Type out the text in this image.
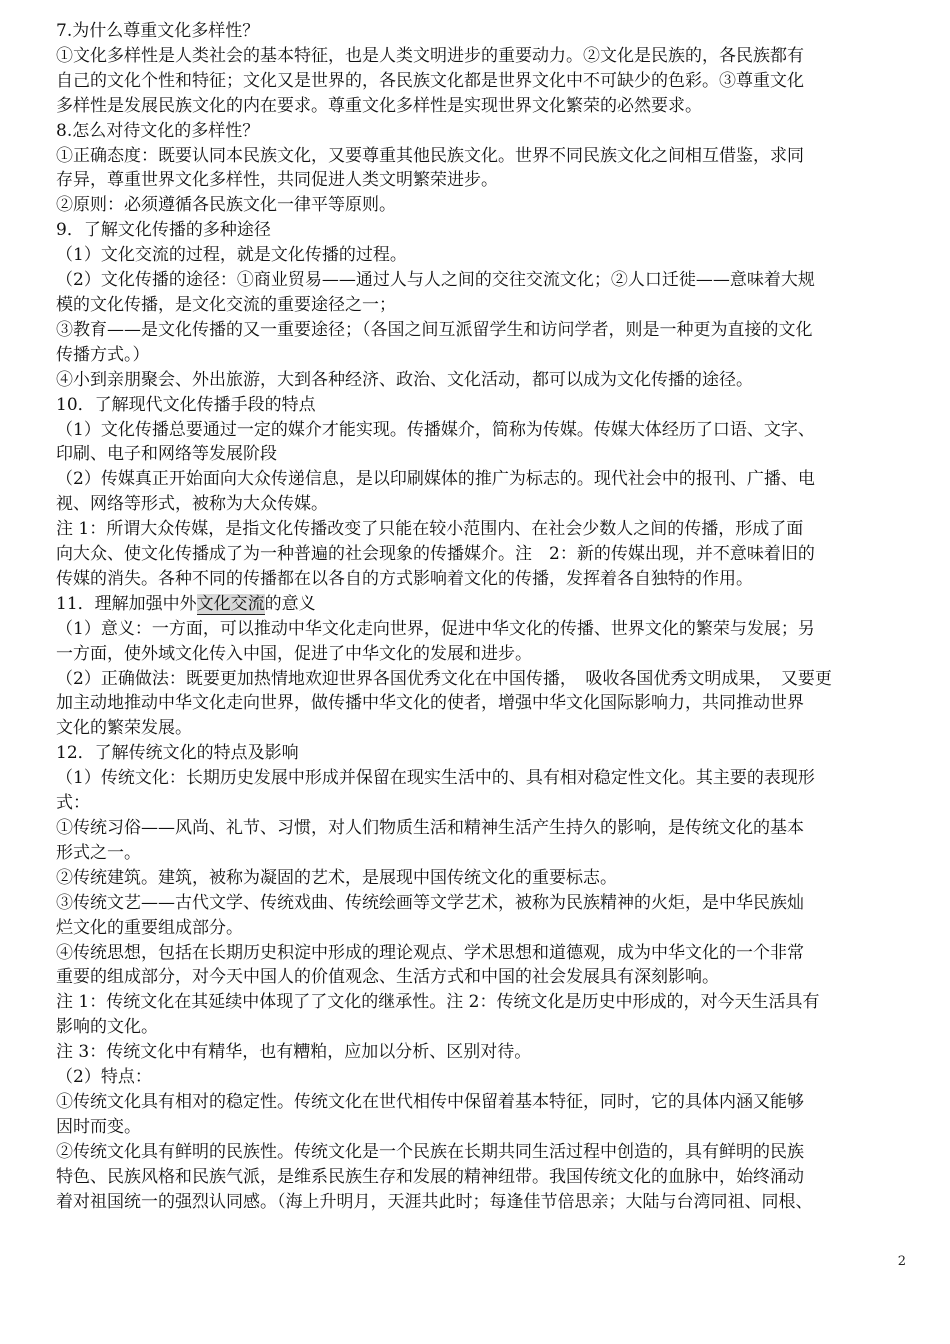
7.为什么尊重文化多样性？
①文化多样性是人类社会的基本特征，也是人类文明进步的重要动力。②文化是民族的，各民族都有
自己的文化个性和特征；文化又是世界的，各民族文化都是世界文化中不可缺少的色彩。③尊重文化
多样性是发展民族文化的内在要求。尊重文化多样性是实现世界文化繁荣的必然要求。
8.怎么对待文化的多样性？
①正确态度：既要认同本民族文化，又要尊重其他民族文化。世界不同民族文化之间相互借鉴，求同
存异，尊重世界文化多样性，共同促进人类文明繁荣进步。
②原则：必须遵循各民族文化一律平等原则。
9．了解文化传播的多种途径
（1）文化交流的过程，就是文化传播的过程。
（2）文化传播的途径：①商业贸易——通过人与人之间的交往交流文化；②人口迁徙——意味着大规
模的文化传播，是文化交流的重要途径之一；
③教育——是文化传播的又一重要途径；（各国之间互派留学生和访问学者，则是一种更为直接的文化
传播方式。）
④小到亲朋聚会、外出旅游，大到各种经济、政治、文化活动，都可以成为文化传播的途径。
10．了解现代文化传播手段的特点
（1）文化传播总要通过一定的媒介才能实现。传播媒介，简称为传媒。传媒大体经历了口语、文字、
印刷、电子和网络等发展阶段
（2）传媒真正开始面向大众传递信息，是以印刷媒体的推广为标志的。现代社会中的报刊、广播、电
视、网络等形式，被称为大众传媒。
注 1：所谓大众传媒，是指文化传播改变了只能在较小范围内、在社会少数人之间的传播，形成了面
向大众、使文化传播成了为一种普遍的社会现象的传播媒介。注　2：新的传媒出现，并不意味着旧的
传媒的消失。各种不同的传播都在以各自的方式影响着文化的传播，发挥着各自独特的作用。
11．理解加强中外文化交流的意义
（1）意义：一方面，可以推动中华文化走向世界，促进中华文化的传播、世界文化的繁荣与发展；另
一方面，使外域文化传入中国，促进了中华文化的发展和进步。
（2）正确做法：既要更加热情地欢迎世界各国优秀文化在中国传播，　吸收各国优秀文明成果，　又要更
加主动地推动中华文化走向世界，做传播中华文化的使者，增强中华文化国际影响力，共同推动世界
文化的繁荣发展。
12．了解传统文化的特点及影响
（1）传统文化：长期历史发展中形成并保留在现实生活中的、具有相对稳定性文化。其主要的表现形
式：
①传统习俗——风尚、礼节、习惯，对人们物质生活和精神生活产生持久的影响，是传统文化的基本
形式之一。
②传统建筑。建筑，被称为凝固的艺术，是展现中国传统文化的重要标志。
③传统文艺——古代文学、传统戏曲、传统绘画等文学艺术，被称为民族精神的火炬，是中华民族灿
烂文化的重要组成部分。
④传统思想，包括在长期历史积淀中形成的理论观点、学术思想和道德观，成为中华文化的一个非常
重要的组成部分，对今天中国人的价值观念、生活方式和中国的社会发展具有深刻影响。
注 1：传统文化在其延续中体现了了文化的继承性。注 2：传统文化是历史中形成的，对今天生活具有
影响的文化。
注 3：传统文化中有精华，也有糟粕，应加以分析、区别对待。
（2）特点：
①传统文化具有相对的稳定性。传统文化在世代相传中保留着基本特征，同时，它的具体内涵又能够
因时而变。
②传统文化具有鲜明的民族性。传统文化是一个民族在长期共同生活过程中创造的，具有鲜明的民族
特色、民族风格和民族气派，是维系民族生存和发展的精神纽带。我国传统文化的血脉中，始终涌动
着对祖国统一的强烈认同感。（海上升明月，天涯共此时；每逢佳节倍思亲；大陆与台湾同祖、同根、
2
